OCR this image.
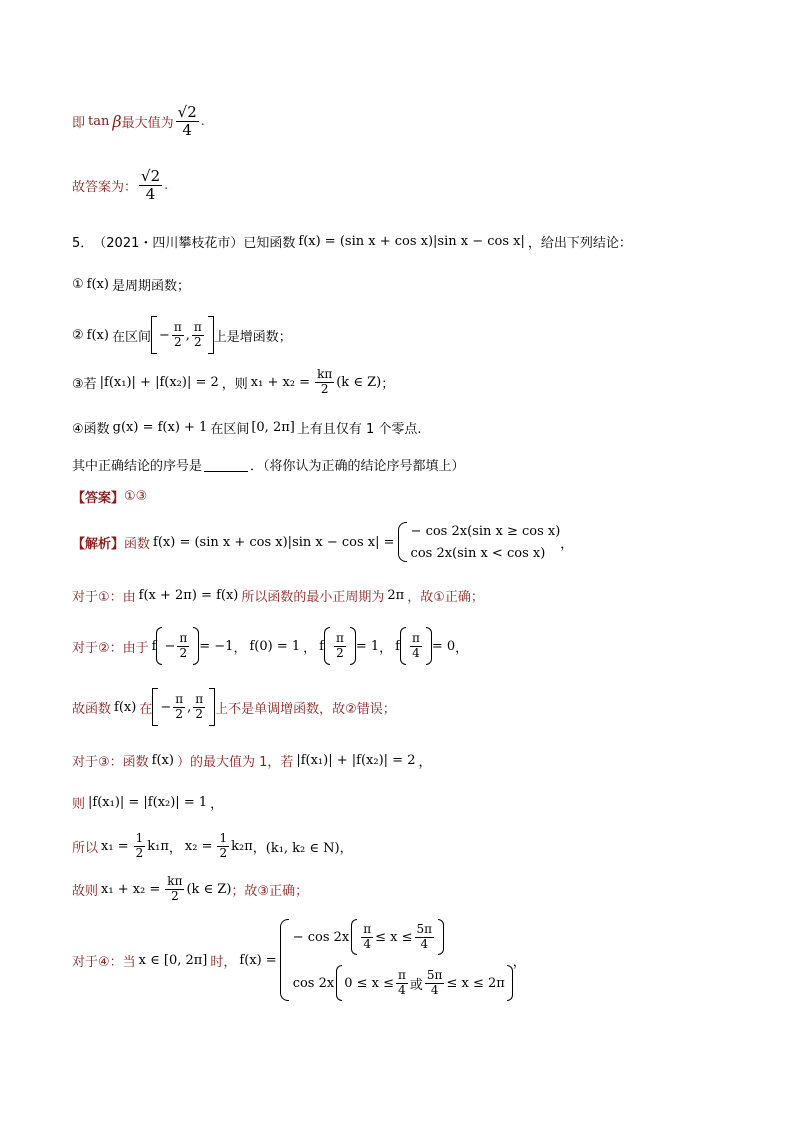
即 tan β 最大值为 $\frac{√2}{4}$ .
故答案为： $\frac{√2}{4}$ .
5． （2021・四川攀枝花市） 已知函数 f(x) = (sin x + cos x)|sin x − cos x| ，给出下列结论：
① f(x) 是周期函数；
② f(x) 在区间 − $\frac{\pi}{2}$ , $\frac{\pi}{2}$ 上是增函数；
③若 |f(x₁)| + |f(x₂)| = 2 ，则 $x_1 + x_2 = \frac{k\pi}{2} (k$ ∈ Z) ；
④函数 g(x) = f(x) + 1 在区间 [0, 2π] 上有且仅有 1 个零点.
其中正确结论的序号是	．（将你认为正确的结论序号都填上）
【答案】 ①③
【解析】 函数 f(x) = (sin x + cos x)|sin x − cos x| =
− cos 2x(sin x ≥ cos x)
cos 2x(sin x < cos x)
，
对于①：由 f(x + 2π) = f(x) 所以函数的最小正周期为 2π ，故①正确；
对于②：由于 $f - \frac{\pi}{2} = -1$ ， f(0) = 1 ， f $\frac{\pi}{2} = 1$ ， f $\frac{\pi}{4} = 0$ ，
故函数 f(x) 在 − $\frac{\pi}{2}$ , $\frac{\pi}{2}$ 上不是单调增函数，故②错误；
对于③：函数 f(x) ）的最大值为 1，若 |f(x₁)| + |f(x₂)| = 2 ，
则 |f(x₁)| = |f(x₂)| = 1 ，
所以 $x_1 = \frac{1}{2} k_1\pi$ ， $x_2 = \frac{1}{2} k_2\pi$ ，(k₁, k₂ ∈ N) ，
故则 $x_1 + x_2 = \frac{k\pi}{2} (k$ ∈ Z) ；故③正确；
对于④：当 x ∈ [0, 2π] 时， f(x) =
− $\cos 2x \frac{\pi}{4} \le x \le \frac{5\pi}{4}$
cos 2x $0 \le x \le \frac{\pi}{4}$ 或 $\frac{5\pi}{4} \le x \le 2\pi$
，
